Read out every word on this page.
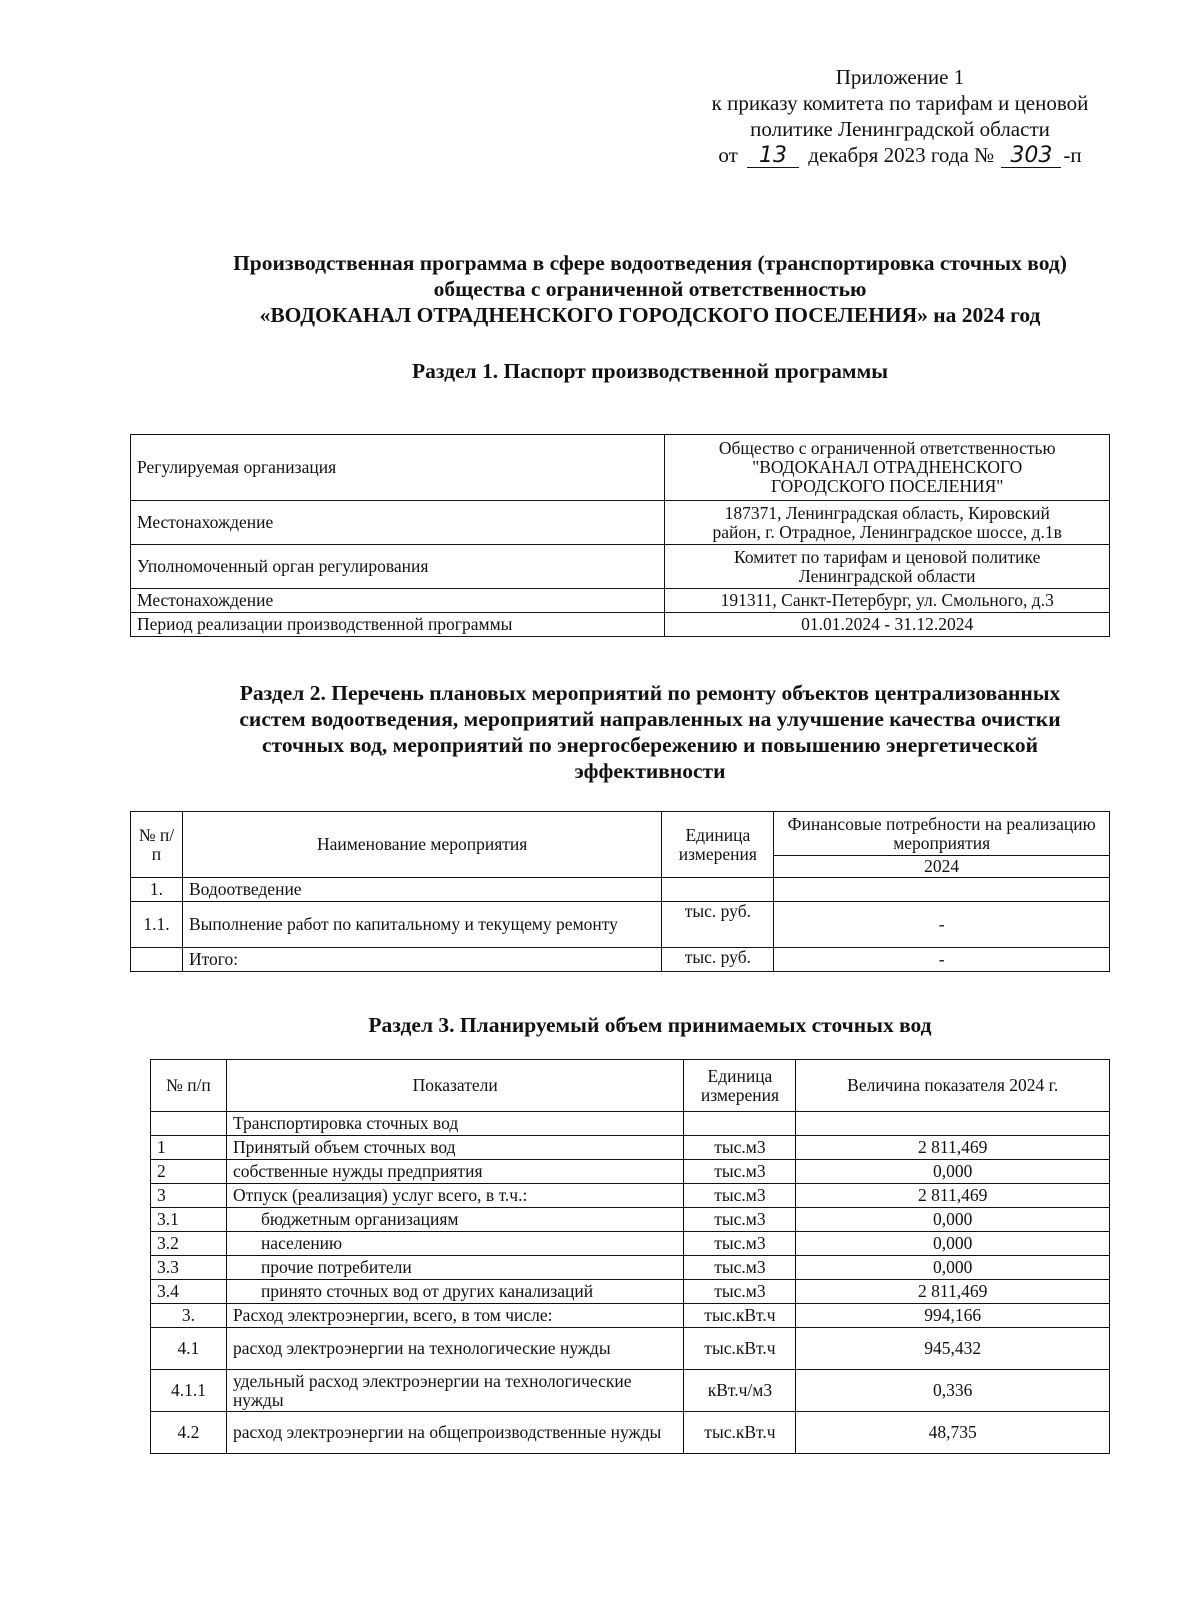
Приложение 1
к приказу комитета по тарифам и ценовой
политике Ленинградской области
от 13 декабря 2023 года № 303 -п
Производственная программа в сфере водоотведения (транспортировка сточных вод)
общества с ограниченной ответственностью
«ВОДОКАНАЛ ОТРАДНЕНСКОГО ГОРОДСКОГО ПОСЕЛЕНИЯ» на 2024 год
Раздел 1. Паспорт производственной программы
Регулируемая организация	Общество с ограниченной ответственностью
"ВОДОКАНАЛ ОТРАДНЕНСКОГО
ГОРОДСКОГО ПОСЕЛЕНИЯ"

Местонахождение	187371, Ленинградская область, Кировский
район, г. Отрадное, Ленинградское шоссе, д.1в

Уполномоченный орган регулирования	Комитет по тарифам и ценовой политике
Ленинградской области

Местонахождение	191311, Санкт-Петербург, ул. Смольного, д.3

Период реализации производственной программы	01.01.2024 - 31.12.2024
Раздел 2. Перечень плановых мероприятий по ремонту объектов централизованных
систем водоотведения, мероприятий направленных на улучшение качества очистки
сточных вод, мероприятий по энергосбережению и повышению энергетической
эффективности
№ п/п	Наименование мероприятия	Единица измерения	Финансовые потребности на реализацию мероприятия
			2024
1.	Водоотведение		
1.1.	Выполнение работ по капитальному и текущему ремонту	тыс. руб.	-
	Итого:	тыс. руб.	-
Раздел 3. Планируемый объем принимаемых сточных вод
№ п/п	Показатели	Единица измерения	Величина показателя 2024 г.
	Транспортировка сточных вод		
1	Принятый объем сточных вод	тыс.м3	2 811,469
2	собственные нужды предприятия	тыс.м3	0,000
3	Отпуск (реализация) услуг всего, в т.ч.:	тыс.м3	2 811,469
3.1	бюджетным организациям	тыс.м3	0,000
3.2	населению	тыс.м3	0,000
3.3	прочие потребители	тыс.м3	0,000
3.4	принято сточных вод от других канализаций	тыс.м3	2 811,469
3.	Расход электроэнергии, всего, в том числе:	тыс.кВт.ч	994,166
4.1	расход электроэнергии на технологические нужды	тыс.кВт.ч	945,432
4.1.1	удельный расход электроэнергии на технологические нужды	кВт.ч/м3	0,336
4.2	расход электроэнергии на общепроизводственные нужды	тыс.кВт.ч	48,735
